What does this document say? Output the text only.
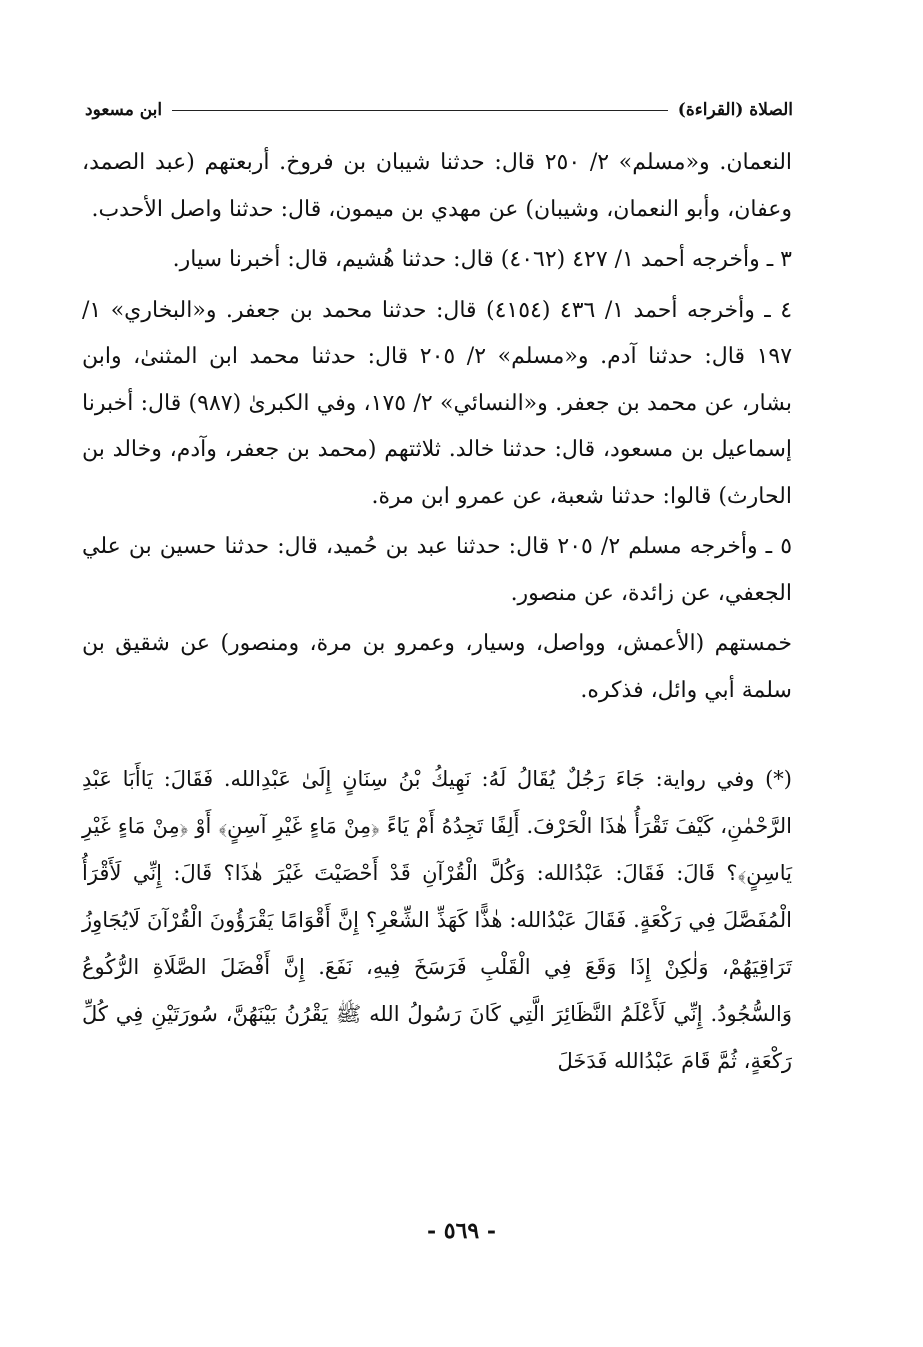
الصلاة (القراءة)
ابن مسعود

النعمان. و«مسلم» ٢/ ٢٥٠ قال: حدثنا شيبان بن فروخ. أربعتهم (عبد الصمد، وعفان، وأبو النعمان، وشيبان) عن مهدي بن ميمون، قال: حدثنا واصل الأحدب.

٣ ـ وأخرجه أحمد ١/ ٤٢٧ (٤٠٦٢) قال: حدثنا هُشيم، قال: أخبرنا سيار.

٤ ـ وأخرجه أحمد ١/ ٤٣٦ (٤١٥٤) قال: حدثنا محمد بن جعفر. و«البخاري» ١/ ١٩٧ قال: حدثنا آدم. و«مسلم» ٢/ ٢٠٥ قال: حدثنا محمد ابن المثنىٰ، وابن بشار، عن محمد بن جعفر. و«النسائي» ٢/ ١٧٥، وفي الكبرىٰ (٩٨٧) قال: أخبرنا إسماعيل بن مسعود، قال: حدثنا خالد. ثلاثتهم (محمد بن جعفر، وآدم، وخالد بن الحارث) قالوا: حدثنا شعبة، عن عمرو ابن مرة.

٥ ـ وأخرجه مسلم ٢/ ٢٠٥ قال: حدثنا عبد بن حُميد، قال: حدثنا حسين بن علي الجعفي، عن زائدة، عن منصور.

خمستهم (الأعمش، وواصل، وسيار، وعمرو بن مرة، ومنصور) عن شقيق بن سلمة أبي وائل، فذكره.

(*) وفي رواية: جَاءَ رَجُلٌ يُقَالُ لَهُ: نَهِيكُ بْنُ سِنَانٍ إِلَىٰ عَبْدِالله. فَقَالَ: يَاأَبَا عَبْدِ الرَّحْمٰنِ، كَيْفَ تَقْرَأُ هٰذَا الْحَرْفَ. أَلِفًا تَجِدُهُ أَمْ يَاءً ﴿مِنْ مَاءٍ غَيْرِ آسِنٍ﴾ أَوْ ﴿مِنْ مَاءٍ غَيْرِ يَاسِنٍ﴾؟ قَالَ: فَقَالَ: عَبْدُالله: وَكُلَّ الْقُرْآنِ قَدْ أَحْصَيْتَ غَيْرَ هٰذَا؟ قَالَ: إِنِّي لَأَقْرَأُ الْمُفَصَّلَ فِي رَكْعَةٍ. فَقَالَ عَبْدُالله: هٰذًّا كَهَذِّ الشِّعْرِ؟ إِنَّ أَقْوَامًا يَقْرَؤُونَ الْقُرْآنَ لَايُجَاوِزُ تَرَاقِيَهُمْ، وَلٰكِنْ إِذَا وَقَعَ فِي الْقَلْبِ فَرَسَخَ فِيهِ، نَفَعَ. إِنَّ أَفْضَلَ الصَّلَاةِ الرُّكُوعُ وَالسُّجُودُ. إِنِّي لَأَعْلَمُ النَّظَائِرَ الَّتِي كَانَ رَسُولُ الله ﷺ يَقْرُنُ بَيْنَهُنَّ، سُورَتَيْنِ فِي كُلِّ رَكْعَةٍ، ثُمَّ قَامَ عَبْدُالله فَدَخَلَ

- ٥٦٩ -
